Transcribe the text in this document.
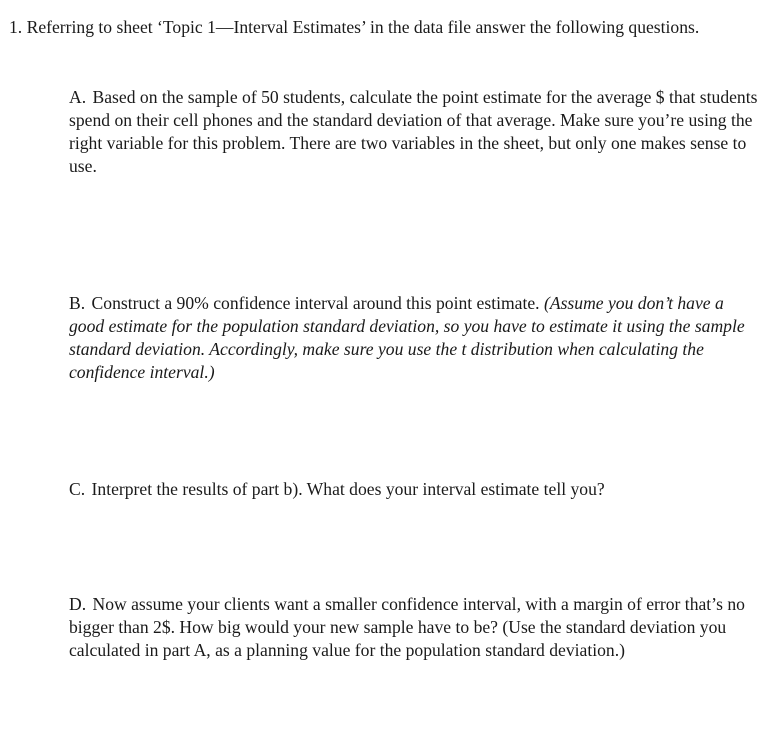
1. Referring to sheet ‘Topic 1—Interval Estimates’ in the data file answer the following questions.

A. Based on the sample of 50 students, calculate the point estimate for the average $ that students spend on their cell phones and the standard deviation of that average. Make sure you’re using the right variable for this problem. There are two variables in the sheet, but only one makes sense to use.

B. Construct a 90% confidence interval around this point estimate. (Assume you don’t have a good estimate for the population standard deviation, so you have to estimate it using the sample standard deviation. Accordingly, make sure you use the t distribution when calculating the confidence interval.)

C. Interpret the results of part b). What does your interval estimate tell you?

D. Now assume your clients want a smaller confidence interval, with a margin of error that’s no bigger than 2$. How big would your new sample have to be? (Use the standard deviation you calculated in part A, as a planning value for the population standard deviation.)
